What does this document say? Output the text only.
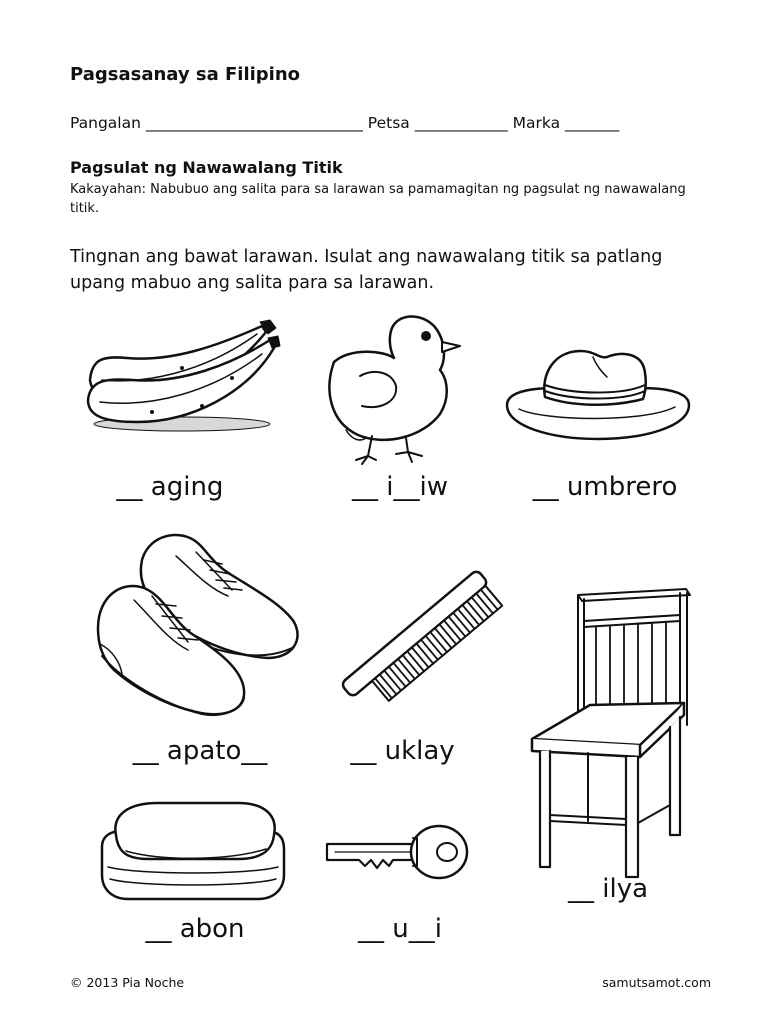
Pagsasanay sa Filipino
Pangalan ____________________________ Petsa ____________ Marka _______
Pagsulat ng Nawawalang Titik
Kakayahan: Nabubuo ang salita para sa larawan sa pamamagitan ng pagsulat ng nawawalang titik.
Tingnan ang bawat larawan. Isulat ang nawawalang titik sa patlang upang mabuo ang salita para sa larawan.
__ aging	__ i__iw	__ umbrero
__ apato__	__ uklay
__ ilya
__ abon	__ u__i
© 2013 Pia Noche	samutsamot.com
